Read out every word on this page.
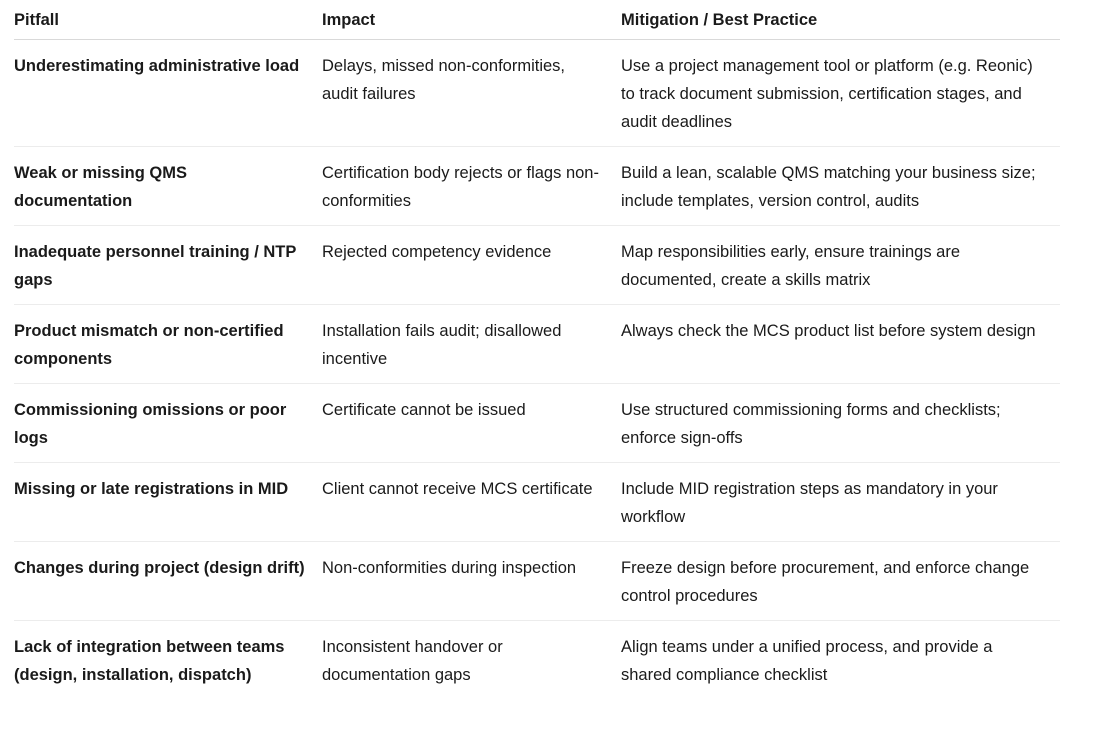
Pitfall	Impact	Mitigation / Best Practice

Underestimating administrative load	Delays, missed non-conformities, audit failures	Use a project management tool or platform (e.g. Reonic) to track document submission, certification stages, and audit deadlines
Weak or missing QMS documentation	Certification body rejects or flags non-conformities	Build a lean, scalable QMS matching your business size; include templates, version control, audits
Inadequate personnel training / NTP gaps	Rejected competency evidence	Map responsibilities early, ensure trainings are documented, create a skills matrix
Product mismatch or non-certified components	Installation fails audit; disallowed incentive	Always check the MCS product list before system design
Commissioning omissions or poor logs	Certificate cannot be issued	Use structured commissioning forms and checklists; enforce sign-offs
Missing or late registrations in MID	Client cannot receive MCS certificate	Include MID registration steps as mandatory in your workflow
Changes during project (design drift)	Non-conformities during inspection	Freeze design before procurement, and enforce change control procedures
Lack of integration between teams (design, installation, dispatch)	Inconsistent handover or documentation gaps	Align teams under a unified process, and provide a shared compliance checklist
